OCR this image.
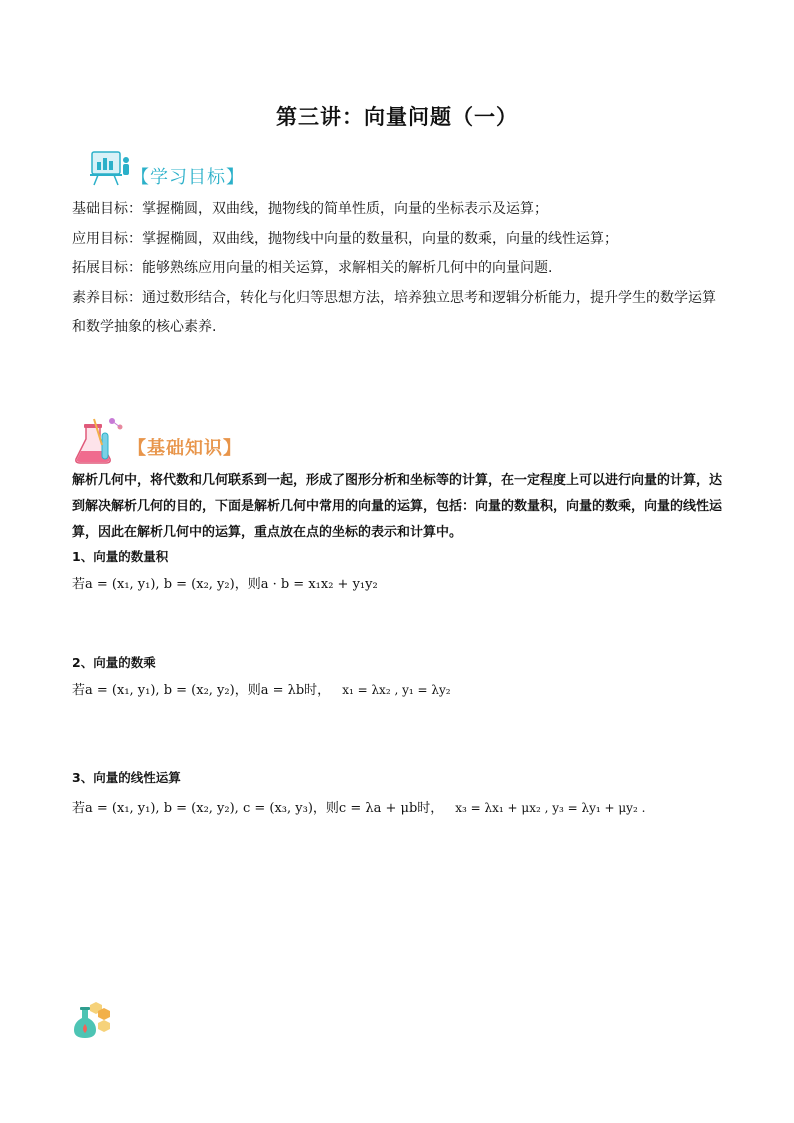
第三讲：向量问题（一）
【学习目标】

基础目标：掌握椭圆，双曲线，抛物线的简单性质，向量的坐标表示及运算；

应用目标：掌握椭圆，双曲线，抛物线中向量的数量积，向量的数乘，向量的线性运算；

拓展目标：能够熟练应用向量的相关运算，求解相关的解析几何中的向量问题.

素养目标：通过数形结合，转化与化归等思想方法，培养独立思考和逻辑分析能力，提升学生的数学运算和数学抽象的核心素养.

【基础知识】

解析几何中，将代数和几何联系到一起，形成了图形分析和坐标等的计算，在一定程度上可以进行向量的计算，达到解决解析几何的目的，下面是解析几何中常用的向量的运算，包括：向量的数量积，向量的数乘，向量的线性运算，因此在解析几何中的运算，重点放在点的坐标的表示和计算中。

1、向量的数量积
若a = (x₁, y₁), b = (x₂, y₂)，则a · b = x₁x₂ + y₁y₂
2、向量的数乘
若a = (x₁, y₁), b = (x₂, y₂)，则a = λb时， x₁ = λx₂ , y₁ = λy₂
3、向量的线性运算
若a = (x₁, y₁), b = (x₂, y₂), c = (x₃, y₃)，则c = λa + μb时， x₃ = λx₁ + μx₂ , y₃ = λy₁ + μy₂ .
